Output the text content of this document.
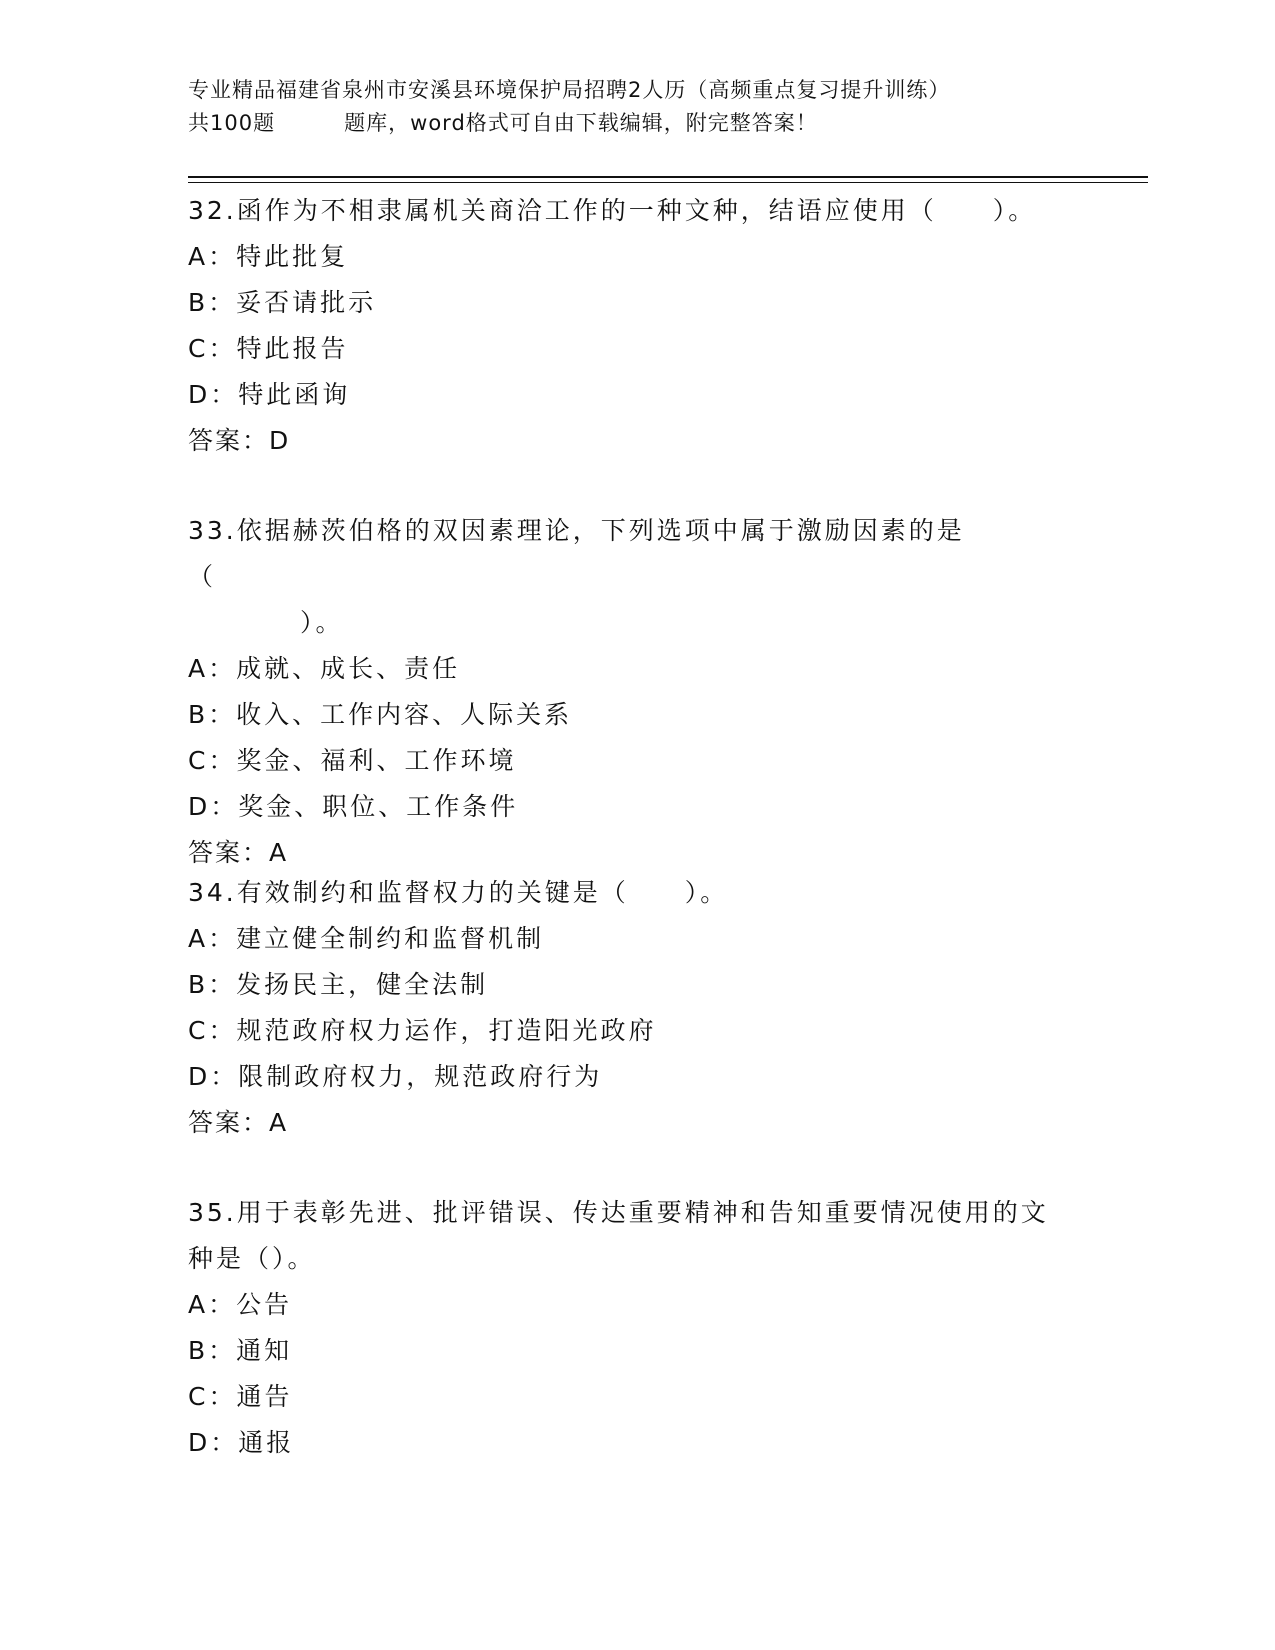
专业精品福建省泉州市安溪县环境保护局招聘2人历（高频重点复习提升训练）
共100题         题库，word格式可自由下载编辑，附完整答案！
32.函作为不相隶属机关商洽工作的一种文种，结语应使用（　　）。
A：特此批复
B：妥否请批示
C：特此报告
D：特此函询
答案：D
33.依据赫茨伯格的双因素理论，下列选项中属于激励因素的是（
　　　　）。
A：成就、成长、责任
B：收入、工作内容、人际关系
C：奖金、福利、工作环境
D：奖金、职位、工作条件
答案：A
34.有效制约和监督权力的关键是（　　）。
A：建立健全制约和监督机制
B：发扬民主，健全法制
C：规范政府权力运作，打造阳光政府
D：限制政府权力，规范政府行为
答案：A
35.用于表彰先进、批评错误、传达重要精神和告知重要情况使用的文种是（）。
A：公告
B：通知
C：通告
D：通报
